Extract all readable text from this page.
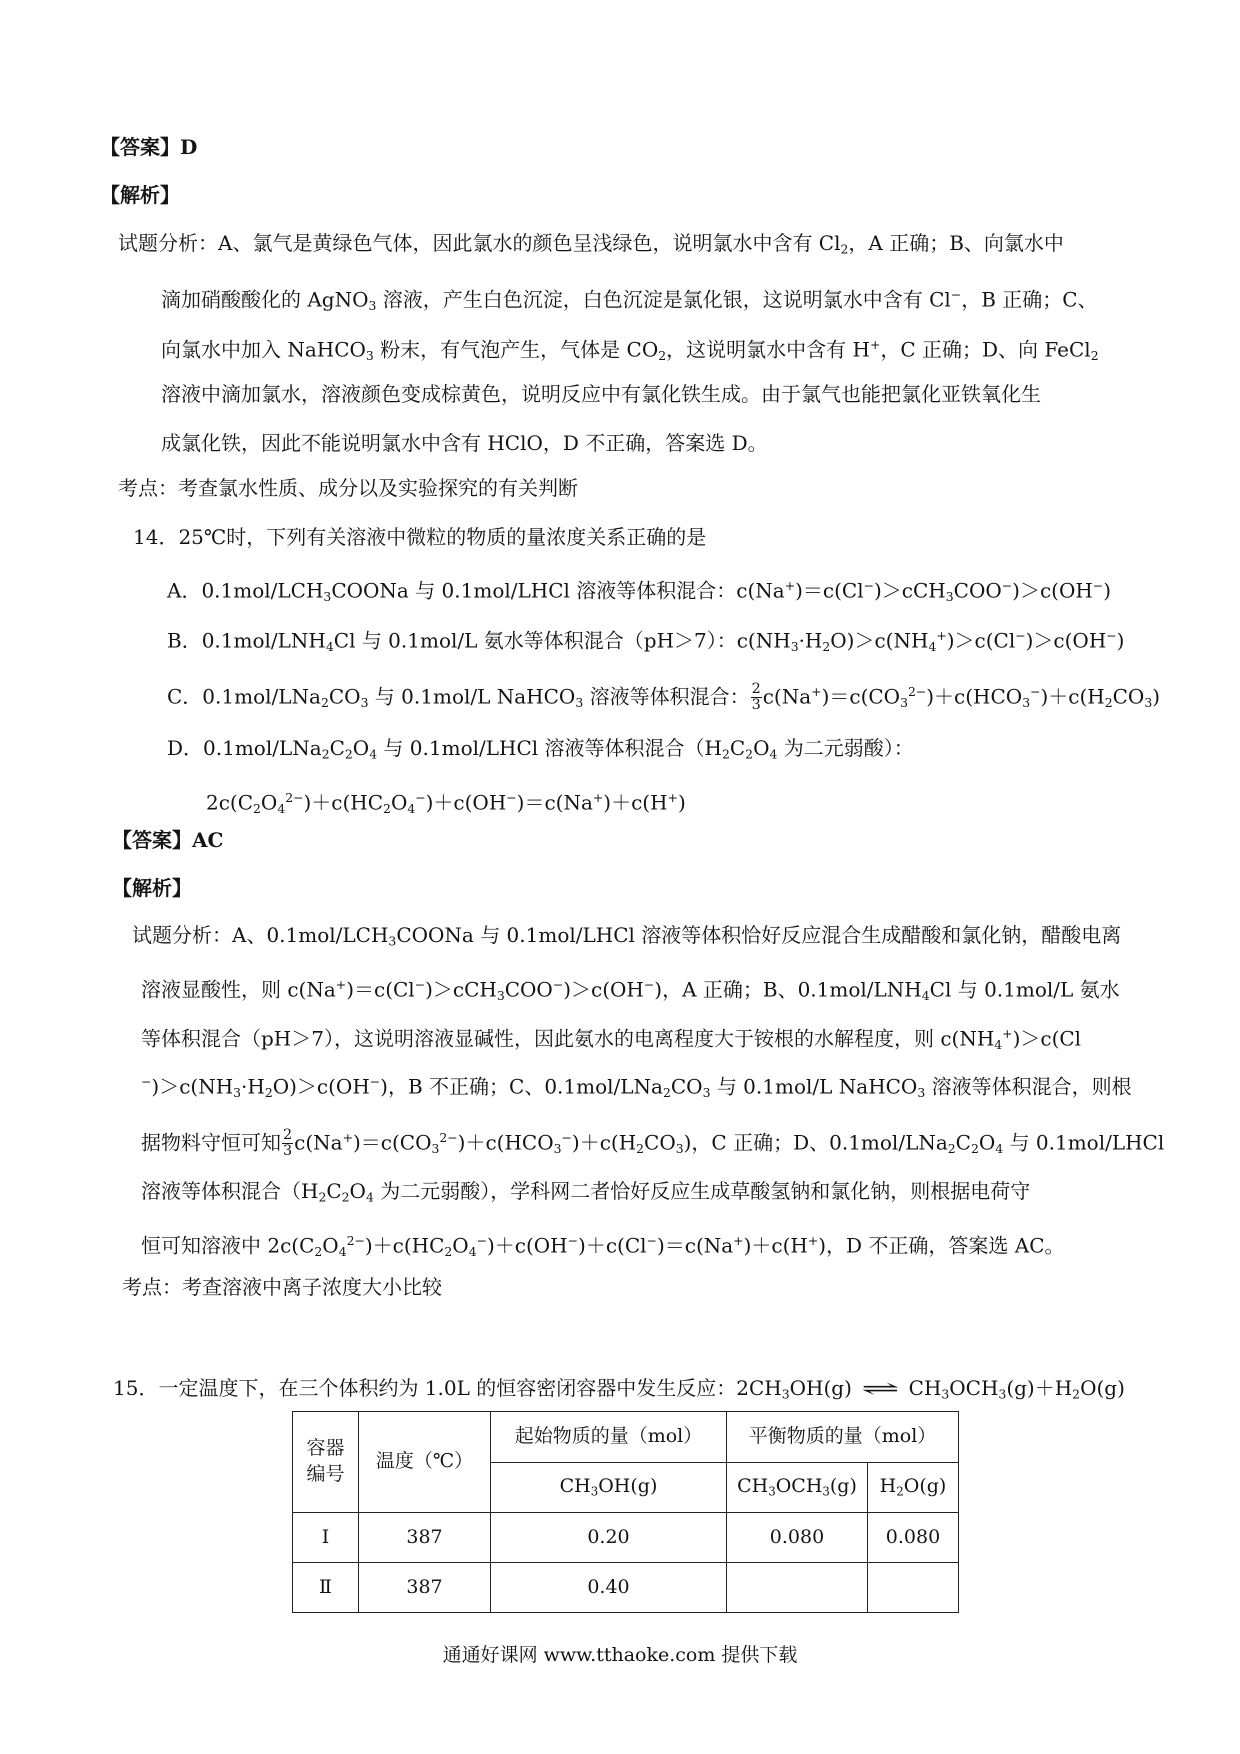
【答案】D
【解析】
试题分析：A、氯气是黄绿色气体，因此氯水的颜色呈浅绿色，说明氯水中含有 $Cl_2$，A 正确；B、向氯水中
滴加硝酸酸化的 AgNO$_3$ 溶液，产生白色沉淀，白色沉淀是氯化银，这说明氯水中含有 Cl−，B 正确；C、
向氯水中加入 NaHCO$_3$ 粉末，有气泡产生，气体是 $CO_2$，这说明氯水中含有 H+，C 正确；D、向 FeCl$_2$
溶液中滴加氯水，溶液颜色变成棕黄色，说明反应中有氯化铁生成。由于氯气也能把氯化亚铁氧化生
成氯化铁，因此不能说明氯水中含有 HClO，D 不正确，答案选 D。
考点：考查氯水性质、成分以及实验探究的有关判断
14．25℃时，下列有关溶液中微粒的物质的量浓度关系正确的是
A．$0.1mol/LCH_3COONa$ 与 0.1mol/LHCl 溶液等体积混合：c(Na+)＝c(Cl−)＞cCH$_3$COO−)＞c(OH−)
B．$0.1mol/LNH_4Cl$ 与 0.1mol/L 氨水等体积混合（pH＞7）：$c(NH_3\cdot H_2O)>c(NH_4^+)>c(Cl^-)>c(OH^-)$
C．$0.1mol/LNa_2CO_3$ 与 0.1mol/L NaHCO$_3$ 溶液等体积混合： $\frac{2}{3} c(Na^+)=c(CO_3^{2-})+c(HCO_3^-)+c(H_2CO_3)$
D．$0.1mol/LNa_2C_2O_4$ 与 0.1mol/LHCl 溶液等体积混合（$H_2C_2O_4$ 为二元弱酸）：
$2c(C_2O_4^{2-})+c(HC_2O_4^-)+c(OH^-)=c(Na^+)+c(H^+)$
【答案】AC
【解析】
试题分析：A、$0.1mol/LCH_3COONa$ 与 0.1mol/LHCl 溶液等体积恰好反应混合生成醋酸和氯化钠，醋酸电离
溶液显酸性，则 c(Na+)＝c(Cl−)＞cCH$_3$COO−)＞c(OH−)，A 正确；B、$0.1mol/LNH_4Cl$ 与 0.1mol/L 氨水
等体积混合（pH＞7），这说明溶液显碱性，因此氨水的电离程度大于铵根的水解程度，则 $c(NH_4^+)>c(Cl$
$^-)>c(NH_3\cdot H_2O)>c(OH^-)$，B 不正确；C、$0.1mol/LNa_2CO_3$ 与 0.1mol/L NaHCO$_3$ 溶液等体积混合，则根
据物料守恒可知 $\frac{2}{3} c(Na^+)=c(CO_3^{2-})+c(HCO_3^-)+c(H_2CO_3)$，C 正确；D、$0.1mol/LNa_2C_2O_4$ 与 0.1mol/LHCl
溶液等体积混合（$H_2C_2O_4$ 为二元弱酸），学科网二者恰好反应生成草酸氢钠和氯化钠，则根据电荷守
恒可知溶液中 $2c(C_2O_4^{2-})+c(HC_2O_4^-)+c(OH^-)+c(Cl^-)=c(Na^+)+c(H^+)$，D 不正确，答案选 AC。
考点：考查溶液中离子浓度大小比较
15．一定温度下，在三个体积约为 1.0L 的恒容密闭容器中发生反应：$2CH_3OH(g)$ ⇌ $CH_3OCH_3(g)+H_2O(g)$
容器
编号	温度（℃）	起始物质的量（mol）	平衡物质的量（mol）	
		$CH_3OH(g)$	$CH_3OCH_3(g)$	$H_2O(g)$
Ⅰ	387	0.20	0.080	0.080
Ⅱ	387	0.40		
通通好课网 www.tthaoke.com 提供下载
